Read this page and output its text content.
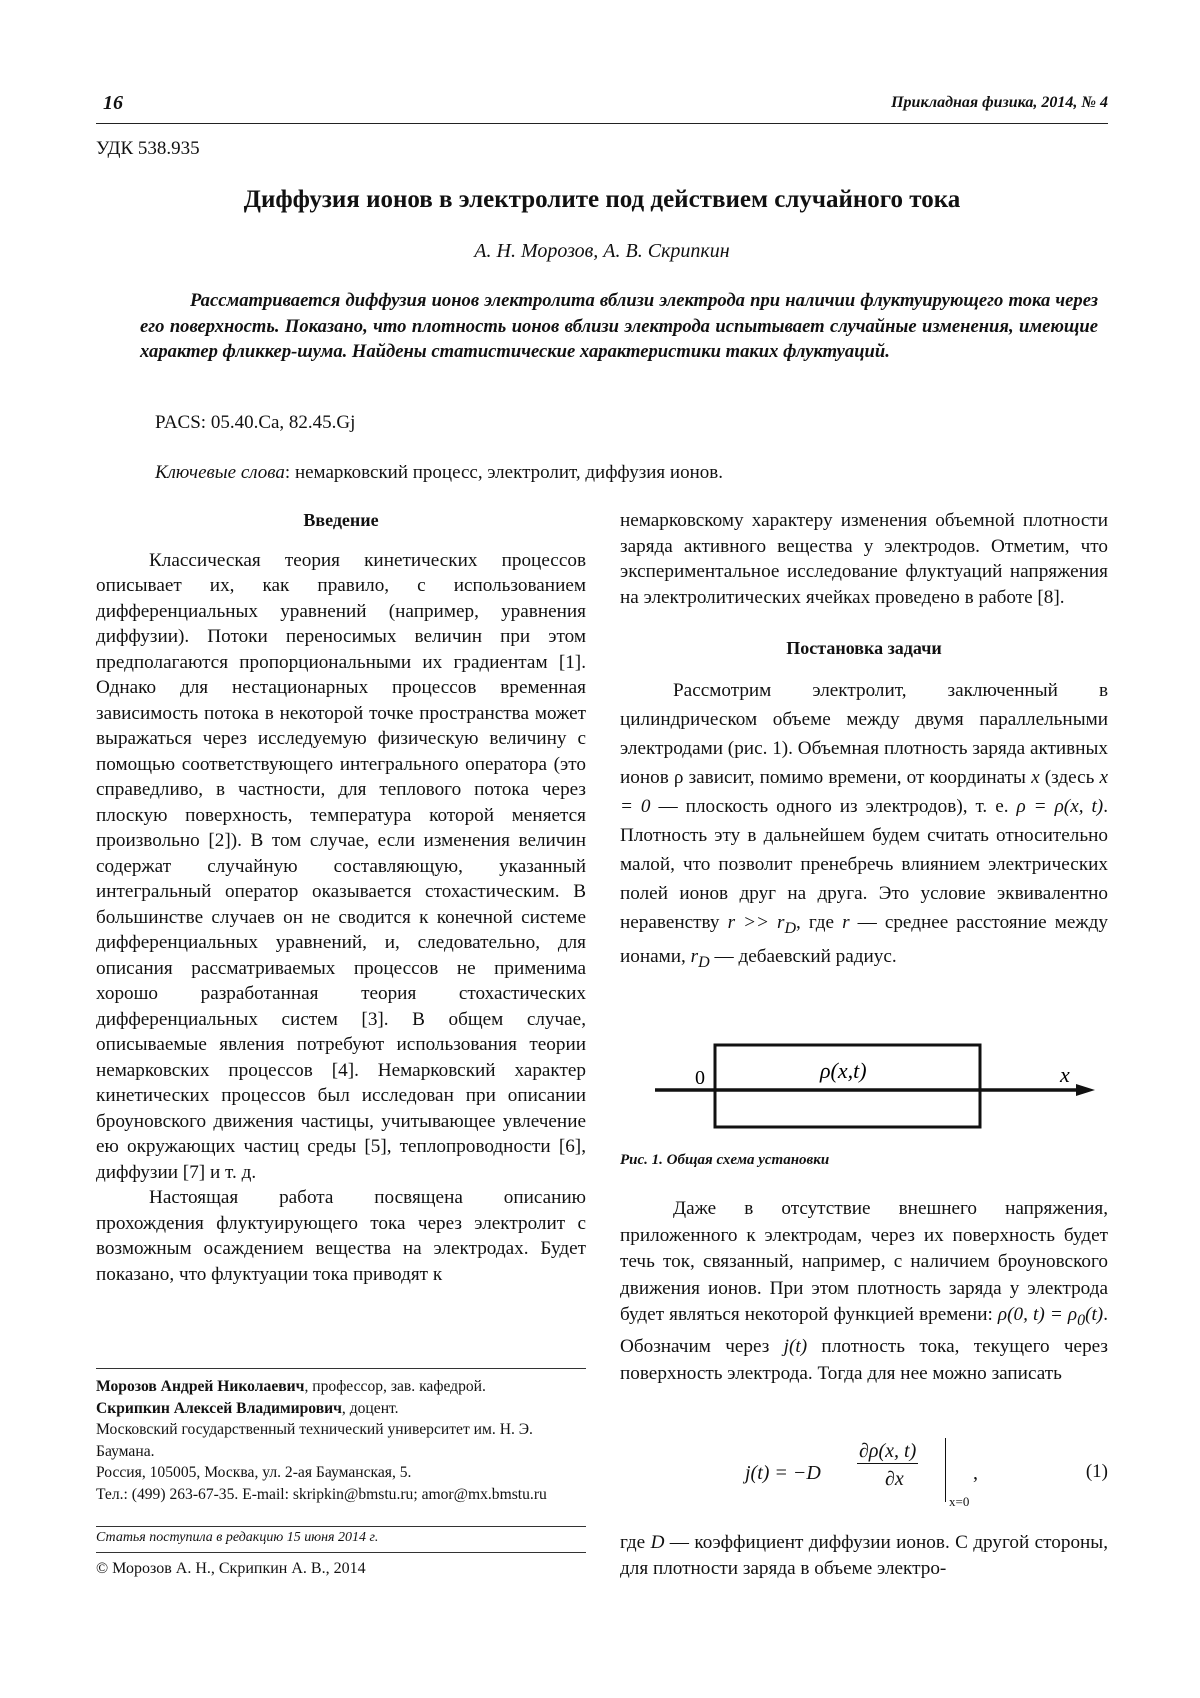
16	Прикладная физика, 2014, № 4
УДК 538.935
Диффузия ионов в электролите под действием случайного тока
А. Н. Морозов, А. В. Скрипкин
Рассматривается диффузия ионов электролита вблизи электрода при наличии флуктуирующего тока через его поверхность. Показано, что плотность ионов вблизи электрода испытывает случайные изменения, имеющие характер фликкер-шума. Найдены статистические характеристики таких флуктуаций.
PACS: 05.40.Ca, 82.45.Gj
Ключевые слова: немарковский процесс, электролит, диффузия ионов.

Введение

Классическая теория кинетических процессов описывает их, как правило, с использованием дифференциальных уравнений (например, уравнения диффузии). Потоки переносимых величин при этом предполагаются пропорциональными их градиентам [1]. Однако для нестационарных процессов временная зависимость потока в некоторой точке пространства может выражаться через исследуемую физическую величину с помощью соответствующего интегрального оператора (это справедливо, в частности, для теплового потока через плоскую поверхность, температура которой меняется произвольно [2]). В том случае, если изменения величин содержат случайную составляющую, указанный интегральный оператор оказывается стохастическим. В большинстве случаев он не сводится к конечной системе дифференциальных уравнений, и, следовательно, для описания рассматриваемых процессов не применима хорошо разработанная теория стохастических дифференциальных систем [3]. В общем случае, описываемые явления потребуют использования теории немарковских процессов [4]. Немарковский характер кинетических процессов был исследован при описании броуновского движения частицы, учитывающее увлечение ею окружающих частиц среды [5], теплопроводности [6], диффузии [7] и т. д.

Настоящая работа посвящена описанию прохождения флуктуирующего тока через электролит с возможным осаждением вещества на электродах. Будет показано, что флуктуации тока приводят к

Морозов Андрей Николаевич, профессор, зав. кафедрой.
Скрипкин Алексей Владимирович, доцент.
Московский государственный технический университет им. Н. Э. Баумана.
Россия, 105005, Москва, ул. 2-ая Бауманская, 5.
Тел.: (499) 263-67-35. E-mail: skripkin@bmstu.ru; amor@mx.bmstu.ru
Статья поступила в редакцию 15 июня 2014 г.
© Морозов А. Н., Скрипкин А. В., 2014

немарковскому характеру изменения объемной плотности заряда активного вещества у электродов. Отметим, что экспериментальное исследование флуктуаций напряжения на электролитических ячейках проведено в работе [8].

Постановка задачи

Рассмотрим электролит, заключенный в цилиндрическом объеме между двумя параллельными электродами (рис. 1). Объемная плотность заряда активных ионов ρ зависит, помимо времени, от координаты x (здесь x = 0 — плоскость одного из электродов), т. е. ρ = ρ(x, t). Плотность эту в дальнейшем будем считать относительно малой, что позволит пренебречь влиянием электрических полей ионов друг на друга. Это условие эквивалентно неравенству $r >> r_D$, где r — среднее расстояние между ионами, $r_D$ — дебаевский радиус.

0	ρ(x,t)	x
Рис. 1. Общая схема установки

Даже в отсутствие внешнего напряжения, приложенного к электродам, через их поверхность будет течь ток, связанный, например, с наличием броуновского движения ионов. При этом плотность заряда у электрода будет являться некоторой функцией времени: ρ(0, $t) = \rho_0(t)$. Обозначим через j(t) плотность тока, текущего через поверхность электрода. Тогда для нее можно записать

j(t) = −D
∂ρ(x, t)
∂x
x=0
,	(1)

где D — коэффициент диффузии ионов. С другой стороны, для плотности заряда в объеме электро-
